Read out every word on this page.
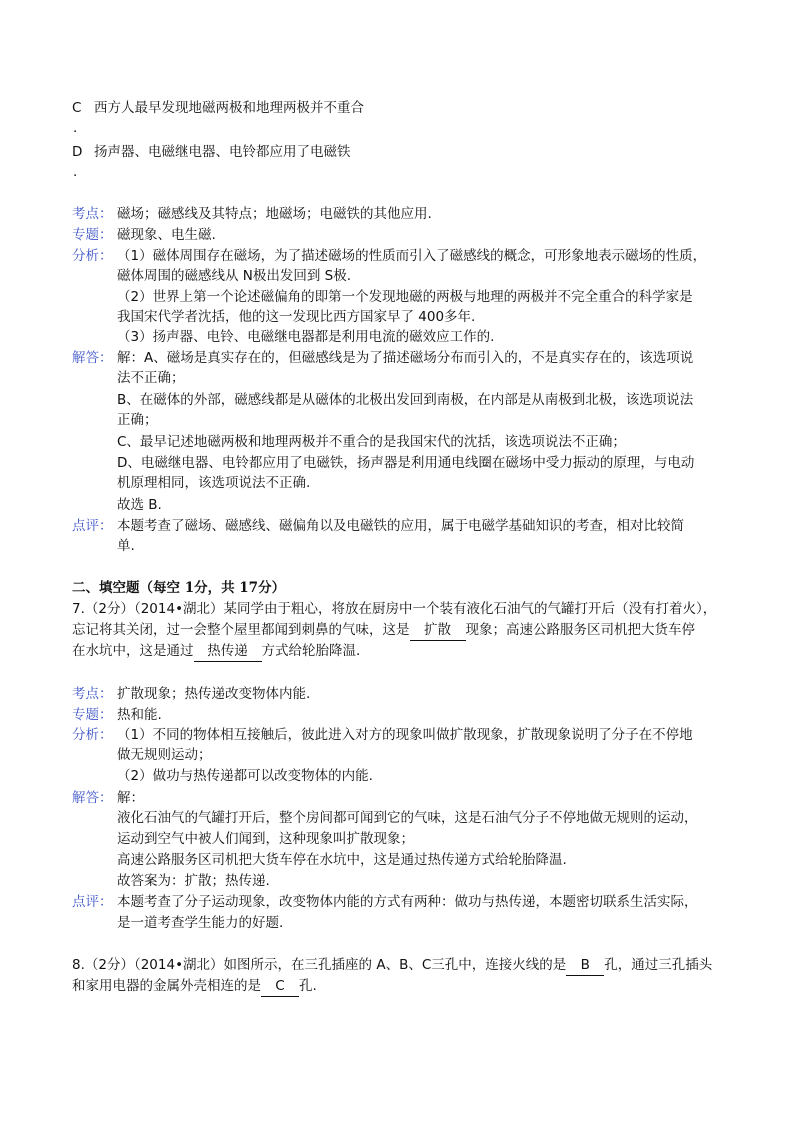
C 西方人最早发现地磁两极和地理两极并不重合
.
D 扬声器、电磁继电器、电铃都应用了电磁铁
.
考点： 磁场；磁感线及其特点；地磁场；电磁铁的其他应用.
专题： 磁现象、电生磁.
分析： （1）磁体周围存在磁场，为了描述磁场的性质而引入了磁感线的概念，可形象地表示磁场的性质，
磁体周围的磁感线从 N极出发回到 S极.
（2）世界上第一个论述磁偏角的即第一个发现地磁的两极与地理的两极并不完全重合的科学家是
我国宋代学者沈括，他的这一发现比西方国家早了 400多年.
（3）扬声器、电铃、电磁继电器都是利用电流的磁效应工作的.
解答： 解：A、磁场是真实存在的，但磁感线是为了描述磁场分布而引入的，不是真实存在的，该选项说
法不正确；
B、在磁体的外部，磁感线都是从磁体的北极出发回到南极，在内部是从南极到北极，该选项说法
正确；
C、最早记述地磁两极和地理两极并不重合的是我国宋代的沈括，该选项说法不正确；
D、电磁继电器、电铃都应用了电磁铁，扬声器是利用通电线圈在磁场中受力振动的原理，与电动
机原理相同，该选项说法不正确.
故选 B.
点评： 本题考查了磁场、磁感线、磁偏角以及电磁铁的应用，属于电磁学基础知识的考查，相对比较简
单.
二、填空题（每空 1分，共 17分）
7.（2分）（2014•湖北）某同学由于粗心，将放在厨房中一个装有液化石油气的气罐打开后（没有打着火），
忘记将其关闭，过一会整个屋里都闻到刺鼻的气味，这是 扩散 现象；高速公路服务区司机把大货车停
在水坑中，这是通过 热传递 方式给轮胎降温.
考点： 扩散现象；热传递改变物体内能.
专题： 热和能.
分析： （1）不同的物体相互接触后，彼此进入对方的现象叫做扩散现象，扩散现象说明了分子在不停地
做无规则运动；
（2）做功与热传递都可以改变物体的内能.
解答： 解：
液化石油气的气罐打开后，整个房间都可闻到它的气味，这是石油气分子不停地做无规则的运动，
运动到空气中被人们闻到，这种现象叫扩散现象；
高速公路服务区司机把大货车停在水坑中，这是通过热传递方式给轮胎降温.
故答案为：扩散；热传递.
点评： 本题考查了分子运动现象，改变物体内能的方式有两种：做功与热传递，本题密切联系生活实际，
是一道考查学生能力的好题.
8.（2分）（2014•湖北）如图所示，在三孔插座的 A、B、C三孔中，连接火线的是 B 孔，通过三孔插头
和家用电器的金属外壳相连的是 C 孔.
